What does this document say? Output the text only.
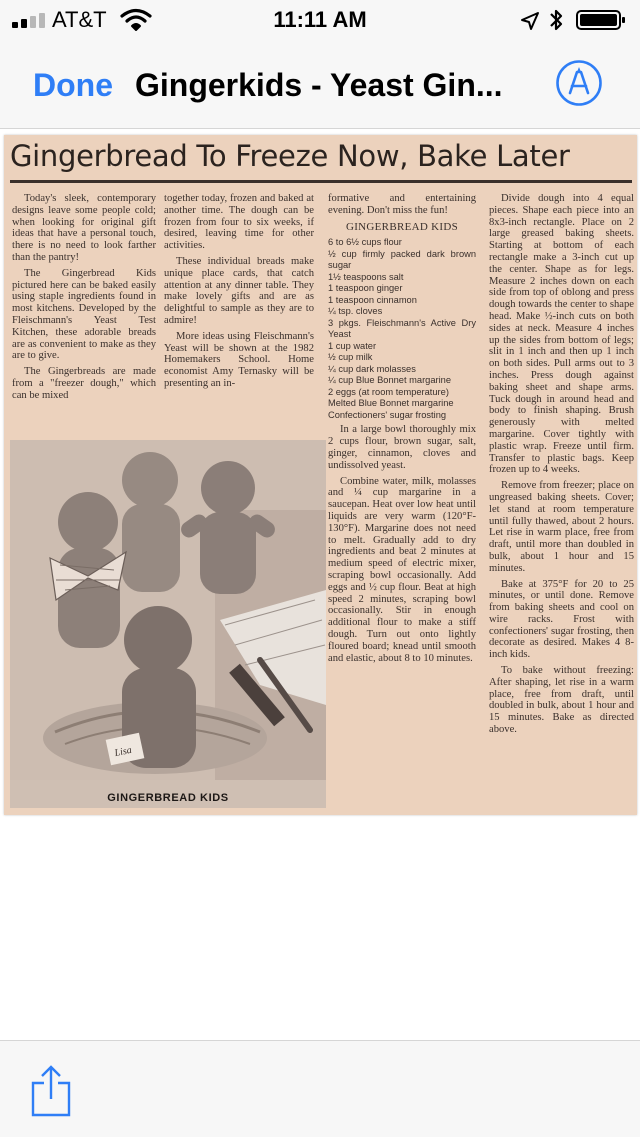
AT&T	11:11 AM
Done Gingerkids - Yeast Gin...
Gingerbread To Freeze Now, Bake Later

Today's sleek, contemporary designs leave some people cold; when looking for original gift ideas that have a personal touch, there is no need to look farther than the pantry!

The Gingerbread Kids pictured here can be baked easily using staple ingredients found in most kitchens. Developed by the Fleischmann's Yeast Test Kitchen, these adorable breads are as convenient to make as they are to give.

The Gingerbreads are made from a "freezer dough," which can be mixed

together today, frozen and baked at another time. The dough can be frozen from four to six weeks, if desired, leaving time for other activities.

These individual breads make unique place cards, that catch attention at any dinner table. They make lovely gifts and are as delightful to sample as they are to admire!

More ideas using Fleischmann's Yeast will be shown at the 1982 Homemakers School. Home economist Amy Ternasky will be presenting an in-

formative and entertaining evening. Don't miss the fun!

GINGERBREAD KIDS
6 to 6½ cups flour
½ cup firmly packed dark brown sugar
1½ teaspoons salt
1 teaspoon ginger
1 teaspoon cinnamon
¼ tsp. cloves
3 pkgs. Fleischmann's Active Dry Yeast
1 cup water
½ cup milk
¼ cup dark molasses
¼ cup Blue Bonnet margarine
2 eggs (at room temperature)
Melted Blue Bonnet margarine
Confectioners' sugar frosting

In a large bowl thoroughly mix 2 cups flour, brown sugar, salt, ginger, cinnamon, cloves and undissolved yeast.

Combine water, milk, molasses and ¼ cup margarine in a saucepan. Heat over low heat until liquids are very warm (120°F-130°F). Margarine does not need to melt. Gradually add to dry ingredients and beat 2 minutes at medium speed of electric mixer, scraping bowl occasionally. Add eggs and ½ cup flour. Beat at high speed 2 minutes, scraping bowl occasionally. Stir in enough additional flour to make a stiff dough. Turn out onto lightly floured board; knead until smooth and elastic, about 8 to 10 minutes.

Divide dough into 4 equal pieces. Shape each piece into an 8x3-inch rectangle. Place on 2 large greased baking sheets. Starting at bottom of each rectangle make a 3-inch cut up the center. Shape as for legs. Measure 2 inches down on each side from top of oblong and press dough towards the center to shape head. Make ½-inch cuts on both sides at neck. Measure 4 inches up the sides from bottom of legs; slit in 1 inch and then up 1 inch on both sides. Pull arms out to 3 inches. Press dough against baking sheet and shape arms. Tuck dough in around head and body to finish shaping. Brush generously with melted margarine. Cover tightly with plastic wrap. Freeze until firm. Transfer to plastic bags. Keep frozen up to 4 weeks.

Remove from freezer; place on ungreased baking sheets. Cover; let stand at room temperature until fully thawed, about 2 hours. Let rise in warm place, free from draft, until more than doubled in bulk, about 1 hour and 15 minutes.

Bake at 375°F for 20 to 25 minutes, or until done. Remove from baking sheets and cool on wire racks. Frost with confectioners' sugar frosting, then decorate as desired. Makes 4 8-inch kids.

To bake without freezing: After shaping, let rise in a warm place, free from draft, until doubled in bulk, about 1 hour and 15 minutes. Bake as directed above.

Lisa
GINGERBREAD KIDS
